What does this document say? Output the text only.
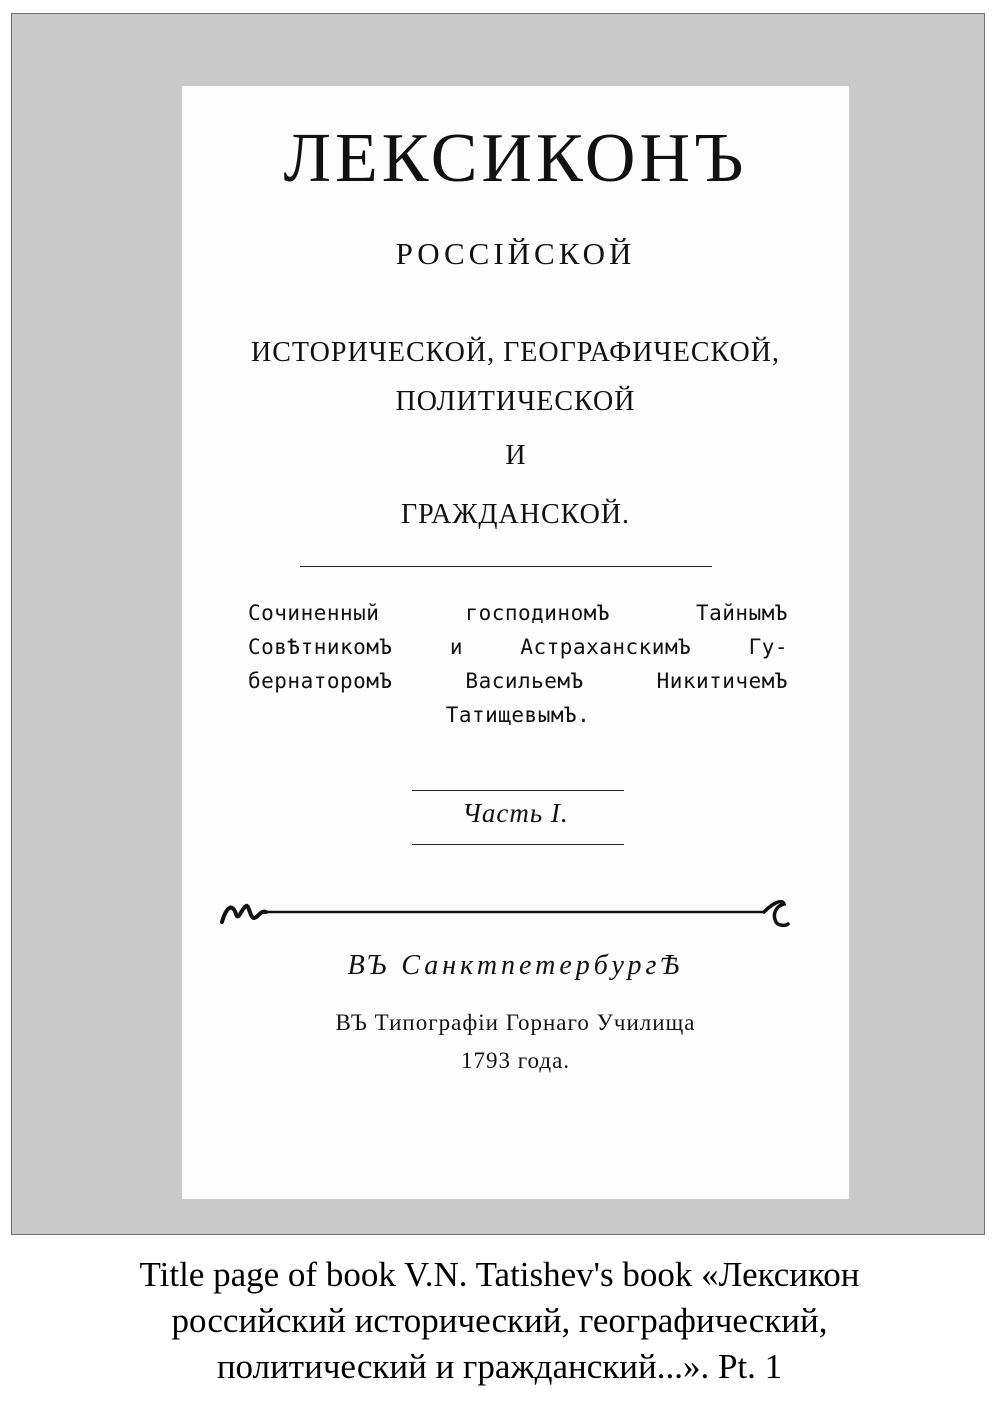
ЛЕКСИКОНЪ
РОССІЙСКОЙ
ИСТОРИЧЕСКОЙ, ГЕОГРАФИЧЕСКОЙ,
ПОЛИТИЧЕСКОЙ
И
ГРАЖДАНСКОЙ.
Сочиненный господиномЪ ТайнымЪ
СовѢтникомЪ и АстраханскимЪ Гу-
бернаторомЪ ВасильемЪ НикитичемЪ
ТатищевымЪ.
Часть I.
ВЪ СанктпетербургѢ
ВЪ Типографіи Горнаго Училища
1793 года.
Title page of book V.N. Tatishev's book «Лексикон
российский исторический, географический,
политический и гражданский...». Pt. 1
